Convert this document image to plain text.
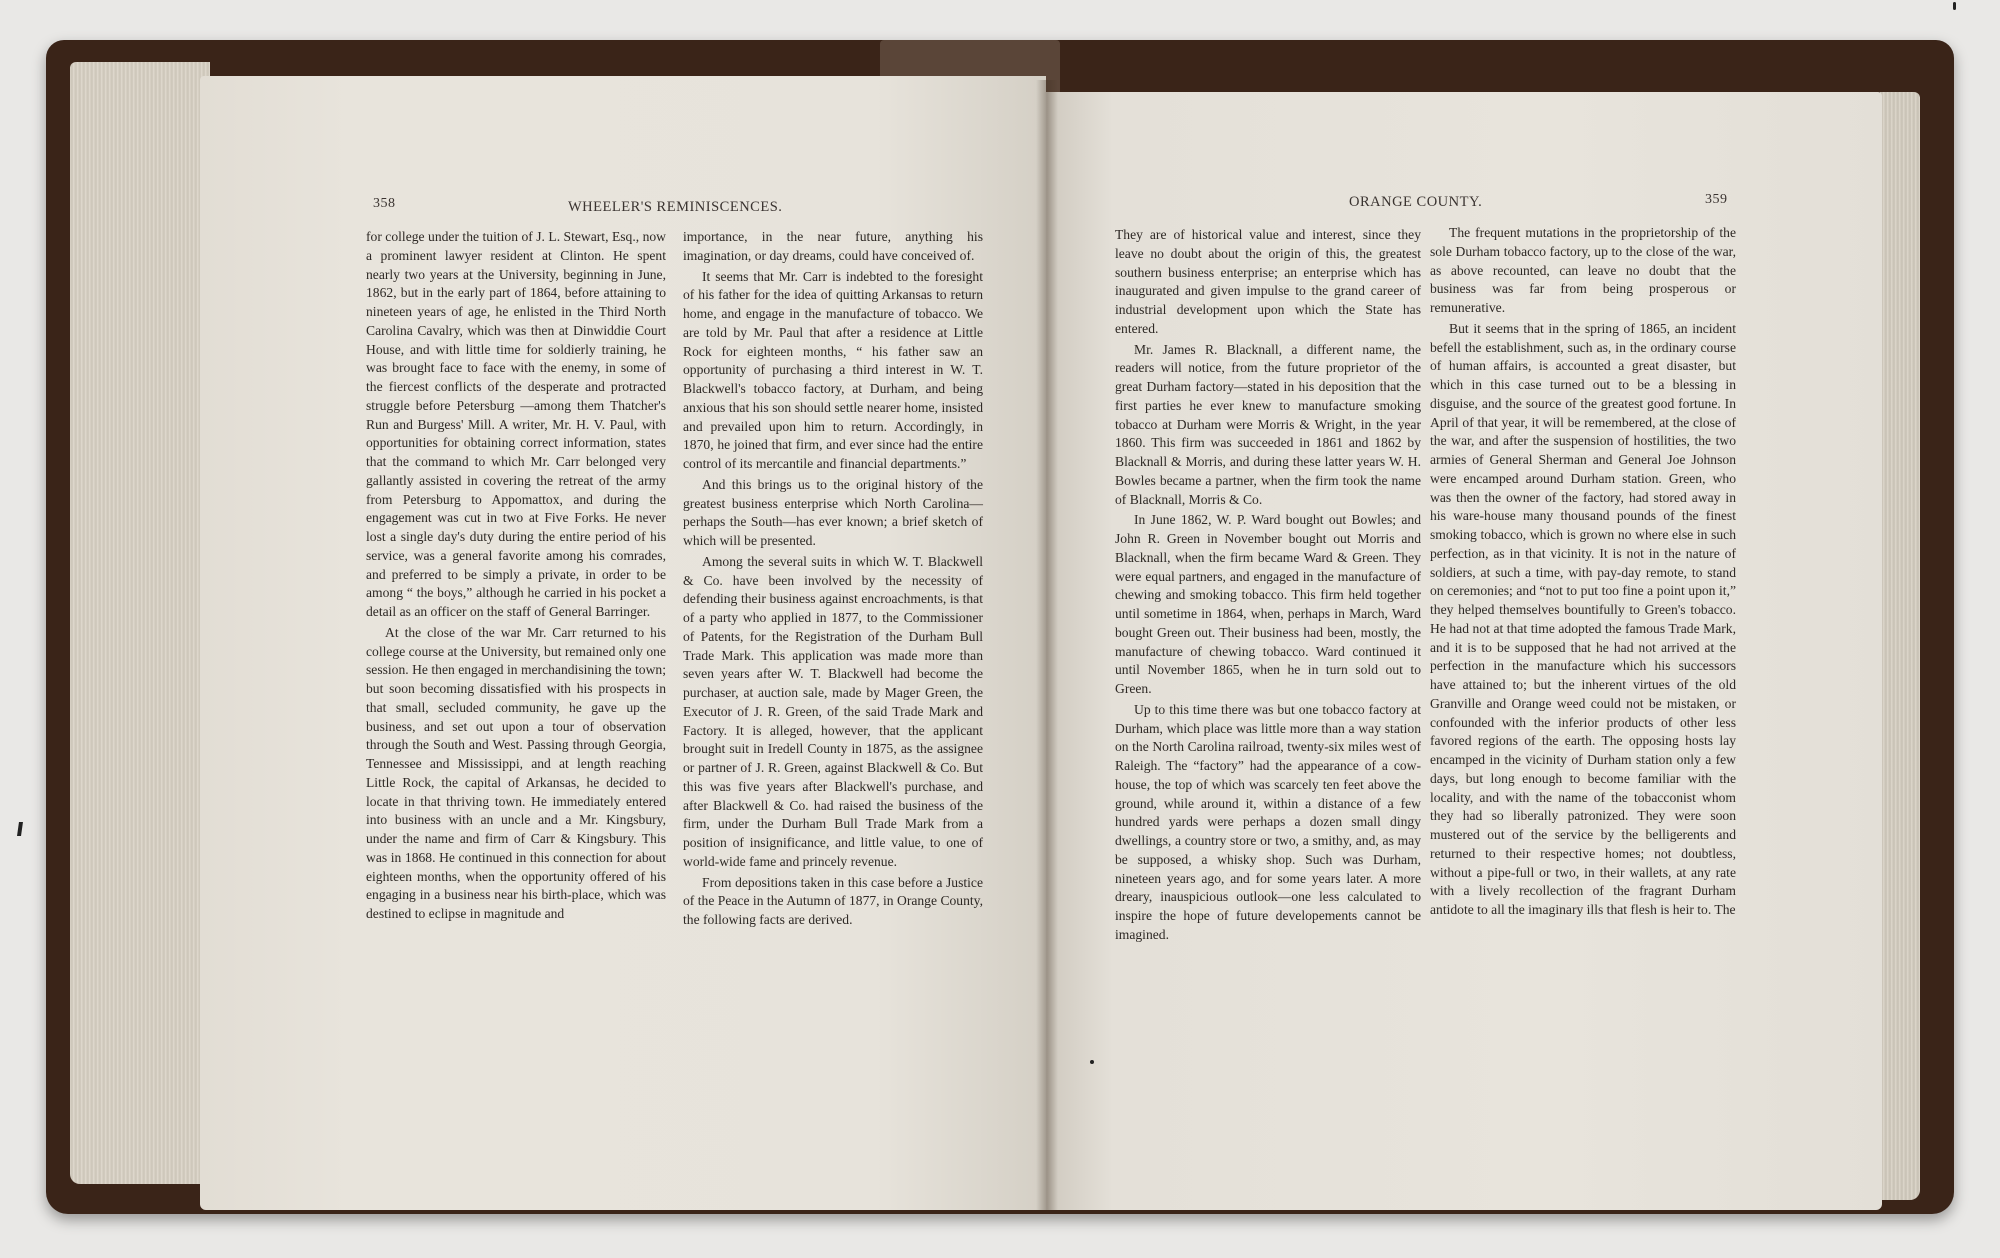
358	WHEELER'S REMINISCENCES.	ORANGE COUNTY.	359

for college under the tuition of J. L. Stewart, Esq., now a prominent lawyer resident at Clinton. He spent nearly two years at the University, beginning in June, 1862, but in the early part of 1864, before attaining to nineteen years of age, he enlisted in the Third North Carolina Cavalry, which was then at Dinwiddie Court House, and with little time for soldierly training, he was brought face to face with the enemy, in some of the fiercest conflicts of the desperate and protracted struggle before Petersburg —among them Thatcher's Run and Burgess' Mill. A writer, Mr. H. V. Paul, with opportunities for obtaining correct information, states that the command to which Mr. Carr belonged very gallantly assisted in covering the retreat of the army from Petersburg to Appomattox, and during the engagement was cut in two at Five Forks. He never lost a single day's duty during the entire period of his service, was a general favorite among his comrades, and preferred to be simply a private, in order to be among “ the boys,” although he carried in his pocket a detail as an officer on the staff of General Barringer.

At the close of the war Mr. Carr returned to his college course at the University, but remained only one session. He then engaged in merchandisining the town; but soon becoming dissatisfied with his prospects in that small, secluded community, he gave up the business, and set out upon a tour of observation through the South and West. Passing through Georgia, Tennessee and Mississippi, and at length reaching Little Rock, the capital of Arkansas, he decided to locate in that thriving town. He immediately entered into business with an uncle and a Mr. Kingsbury, under the name and firm of Carr & Kingsbury. This was in 1868. He continued in this connection for about eighteen months, when the opportunity offered of his engaging in a business near his birth-place, which was destined to eclipse in magnitude and

importance, in the near future, anything his imagination, or day dreams, could have conceived of.

It seems that Mr. Carr is indebted to the foresight of his father for the idea of quitting Arkansas to return home, and engage in the manufacture of tobacco. We are told by Mr. Paul that after a residence at Little Rock for eighteen months, “ his father saw an opportunity of purchasing a third interest in W. T. Blackwell's tobacco factory, at Durham, and being anxious that his son should settle nearer home, insisted and prevailed upon him to return. Accordingly, in 1870, he joined that firm, and ever since had the entire control of its mercantile and financial departments.”

And this brings us to the original history of the greatest business enterprise which North Carolina—perhaps the South—has ever known; a brief sketch of which will be presented.

Among the several suits in which W. T. Blackwell & Co. have been involved by the necessity of defending their business against encroachments, is that of a party who applied in 1877, to the Commissioner of Patents, for the Registration of the Durham Bull Trade Mark. This application was made more than seven years after W. T. Blackwell had become the purchaser, at auction sale, made by Mager Green, the Executor of J. R. Green, of the said Trade Mark and Factory. It is alleged, however, that the applicant brought suit in Iredell County in 1875, as the assignee or partner of J. R. Green, against Blackwell & Co. But this was five years after Blackwell's purchase, and after Blackwell & Co. had raised the business of the firm, under the Durham Bull Trade Mark from a position of insignificance, and little value, to one of world-wide fame and princely revenue.

From depositions taken in this case before a Justice of the Peace in the Autumn of 1877, in Orange County, the following facts are derived.

They are of historical value and interest, since they leave no doubt about the origin of this, the greatest southern business enterprise; an enterprise which has inaugurated and given impulse to the grand career of industrial development upon which the State has entered.

Mr. James R. Blacknall, a different name, the readers will notice, from the future proprietor of the great Durham factory—stated in his deposition that the first parties he ever knew to manufacture smoking tobacco at Durham were Morris & Wright, in the year 1860. This firm was succeeded in 1861 and 1862 by Blacknall & Morris, and during these latter years W. H. Bowles became a partner, when the firm took the name of Blacknall, Morris & Co.

In June 1862, W. P. Ward bought out Bowles; and John R. Green in November bought out Morris and Blacknall, when the firm became Ward & Green. They were equal partners, and engaged in the manufacture of chewing and smoking tobacco. This firm held together until sometime in 1864, when, perhaps in March, Ward bought Green out. Their business had been, mostly, the manufacture of chewing tobacco. Ward continued it until November 1865, when he in turn sold out to Green.

Up to this time there was but one tobacco factory at Durham, which place was little more than a way station on the North Carolina railroad, twenty-six miles west of Raleigh. The “factory” had the appearance of a cow-house, the top of which was scarcely ten feet above the ground, while around it, within a distance of a few hundred yards were perhaps a dozen small dingy dwellings, a country store or two, a smithy, and, as may be supposed, a whisky shop. Such was Durham, nineteen years ago, and for some years later. A more dreary, inauspicious outlook—one less calculated to inspire the hope of future developements cannot be imagined.

The frequent mutations in the proprietorship of the sole Durham tobacco factory, up to the close of the war, as above recounted, can leave no doubt that the business was far from being prosperous or remunerative.

But it seems that in the spring of 1865, an incident befell the establishment, such as, in the ordinary course of human affairs, is accounted a great disaster, but which in this case turned out to be a blessing in disguise, and the source of the greatest good fortune. In April of that year, it will be remembered, at the close of the war, and after the suspension of hostilities, the two armies of General Sherman and General Joe Johnson were encamped around Durham station. Green, who was then the owner of the factory, had stored away in his ware-house many thousand pounds of the finest smoking tobacco, which is grown no where else in such perfection, as in that vicinity. It is not in the nature of soldiers, at such a time, with pay-day remote, to stand on ceremonies; and “not to put too fine a point upon it,” they helped themselves bountifully to Green's tobacco. He had not at that time adopted the famous Trade Mark, and it is to be supposed that he had not arrived at the perfection in the manufacture which his successors have attained to; but the inherent virtues of the old Granville and Orange weed could not be mistaken, or confounded with the inferior products of other less favored regions of the earth. The opposing hosts lay encamped in the vicinity of Durham station only a few days, but long enough to become familiar with the locality, and with the name of the tobacconist whom they had so liberally patronized. They were soon mustered out of the service by the belligerents and returned to their respective homes; not doubtless, without a pipe-full or two, in their wallets, at any rate with a lively recollection of the fragrant Durham antidote to all the imaginary ills that flesh is heir to. The
